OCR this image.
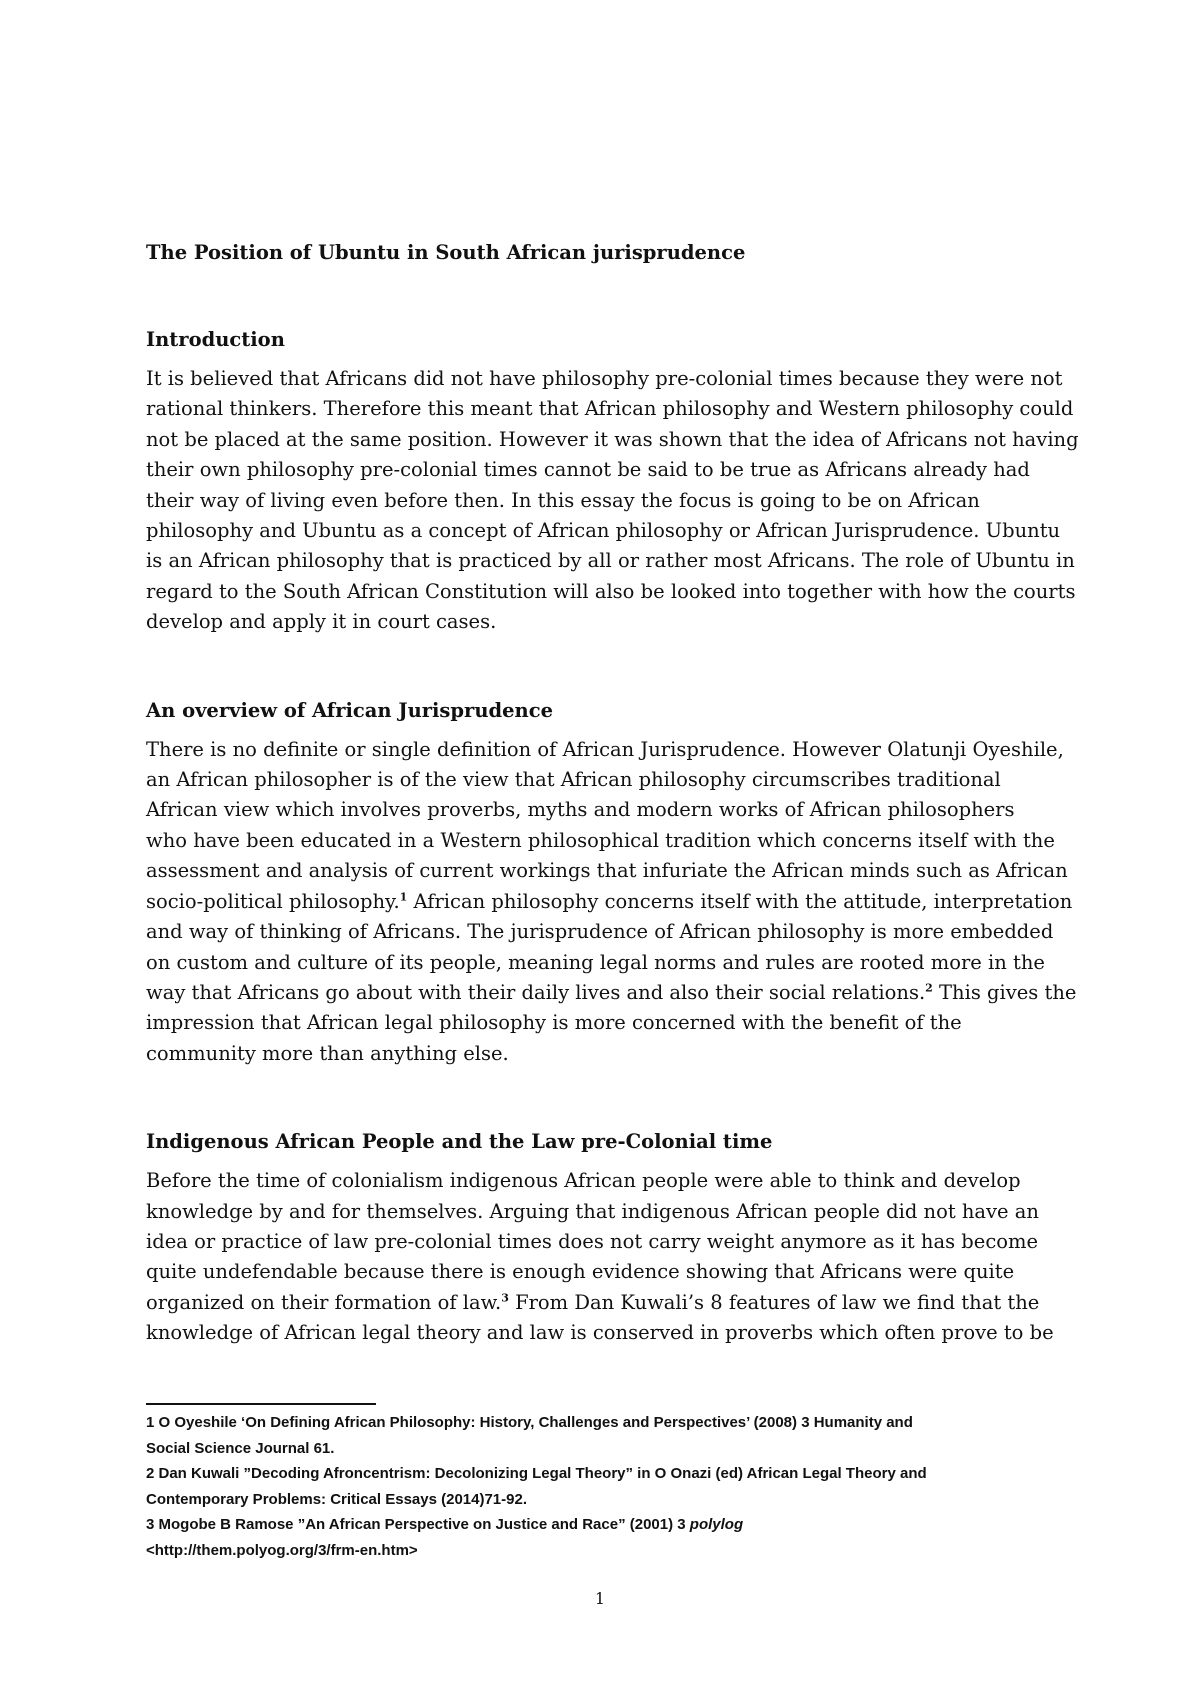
The Position of Ubuntu in South African jurisprudence
Introduction

It is believed that Africans did not have philosophy pre-colonial times because they were not
rational thinkers. Therefore this meant that African philosophy and Western philosophy could
not be placed at the same position. However it was shown that the idea of Africans not having
their own philosophy pre-colonial times cannot be said to be true as Africans already had
their way of living even before then. In this essay the focus is going to be on African
philosophy and Ubuntu as a concept of African philosophy or African Jurisprudence. Ubuntu
is an African philosophy that is practiced by all or rather most Africans. The role of Ubuntu in
regard to the South African Constitution will also be looked into together with how the courts
develop and apply it in court cases.

An overview of African Jurisprudence

There is no definite or single definition of African Jurisprudence. However Olatunji Oyeshile,
an African philosopher is of the view that African philosophy circumscribes traditional
African view which involves proverbs, myths and modern works of African philosophers
who have been educated in a Western philosophical tradition which concerns itself with the
assessment and analysis of current workings that infuriate the African minds such as African
socio-political philosophy.$^1$ African philosophy concerns itself with the attitude, interpretation
and way of thinking of Africans. The jurisprudence of African philosophy is more embedded
on custom and culture of its people, meaning legal norms and rules are rooted more in the
way that Africans go about with their daily lives and also their social relations.$^2$ This gives the
impression that African legal philosophy is more concerned with the benefit of the
community more than anything else.

Indigenous African People and the Law pre-Colonial time

Before the time of colonialism indigenous African people were able to think and develop
knowledge by and for themselves. Arguing that indigenous African people did not have an
idea or practice of law pre-colonial times does not carry weight anymore as it has become
quite undefendable because there is enough evidence showing that Africans were quite
organized on their formation of law.$^3$ From Dan Kuwali’s 8 features of law we find that the
knowledge of African legal theory and law is conserved in proverbs which often prove to be

1 O Oyeshile ‘On Defining African Philosophy: History, Challenges and Perspectives’ (2008) 3 Humanity and
Social Science Journal 61.
2 Dan Kuwali ”Decoding Afroncentrism: Decolonizing Legal Theory” in O Onazi (ed) African Legal Theory and
Contemporary Problems: Critical Essays (2014)71-92.
3 Mogobe B Ramose ”An African Perspective on Justice and Race” (2001) 3 polylog
<http://them.polyog.org/3/frm-en.htm>
1
